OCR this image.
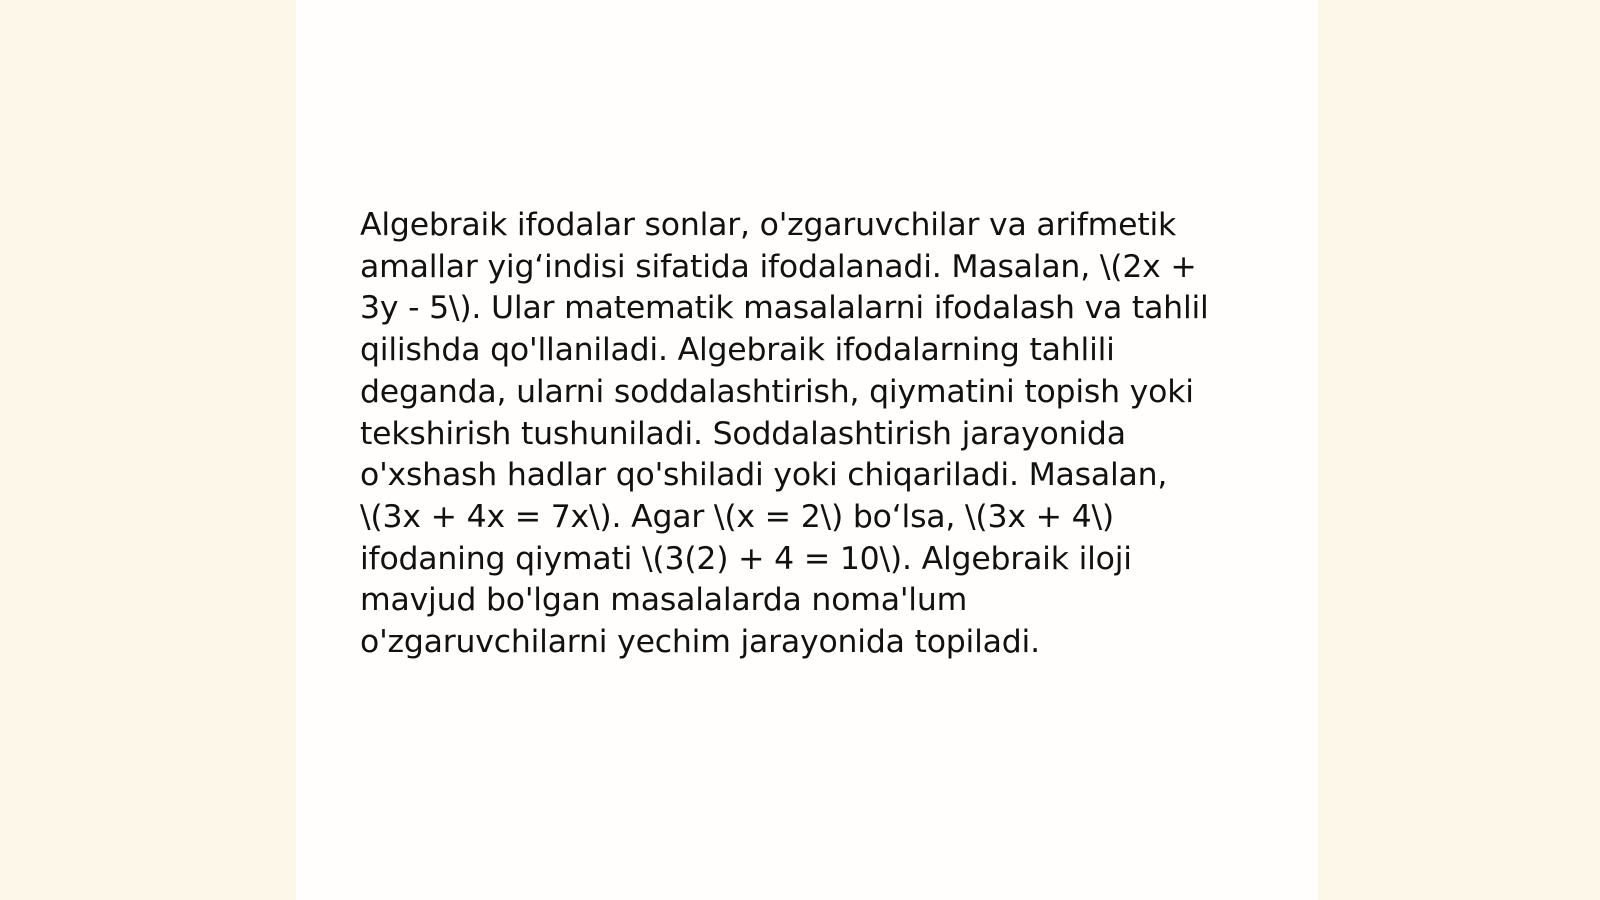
Algebraik ifodalar sonlar, o'zgaruvchilar va arifmetik
amallar yig‘indisi sifatida ifodalanadi. Masalan, \(2x +
3y - 5\). Ular matematik masalalarni ifodalash va tahlil
qilishda qo'llaniladi. Algebraik ifodalarning tahlili
deganda, ularni soddalashtirish, qiymatini topish yoki
tekshirish tushuniladi. Soddalashtirish jarayonida
o'xshash hadlar qo'shiladi yoki chiqariladi. Masalan,
\(3x + 4x = 7x\). Agar \(x = 2\) bo‘lsa, \(3x + 4\)
ifodaning qiymati \(3(2) + 4 = 10\). Algebraik iloji
mavjud bo'lgan masalalarda noma'lum
o'zgaruvchilarni yechim jarayonida topiladi.
